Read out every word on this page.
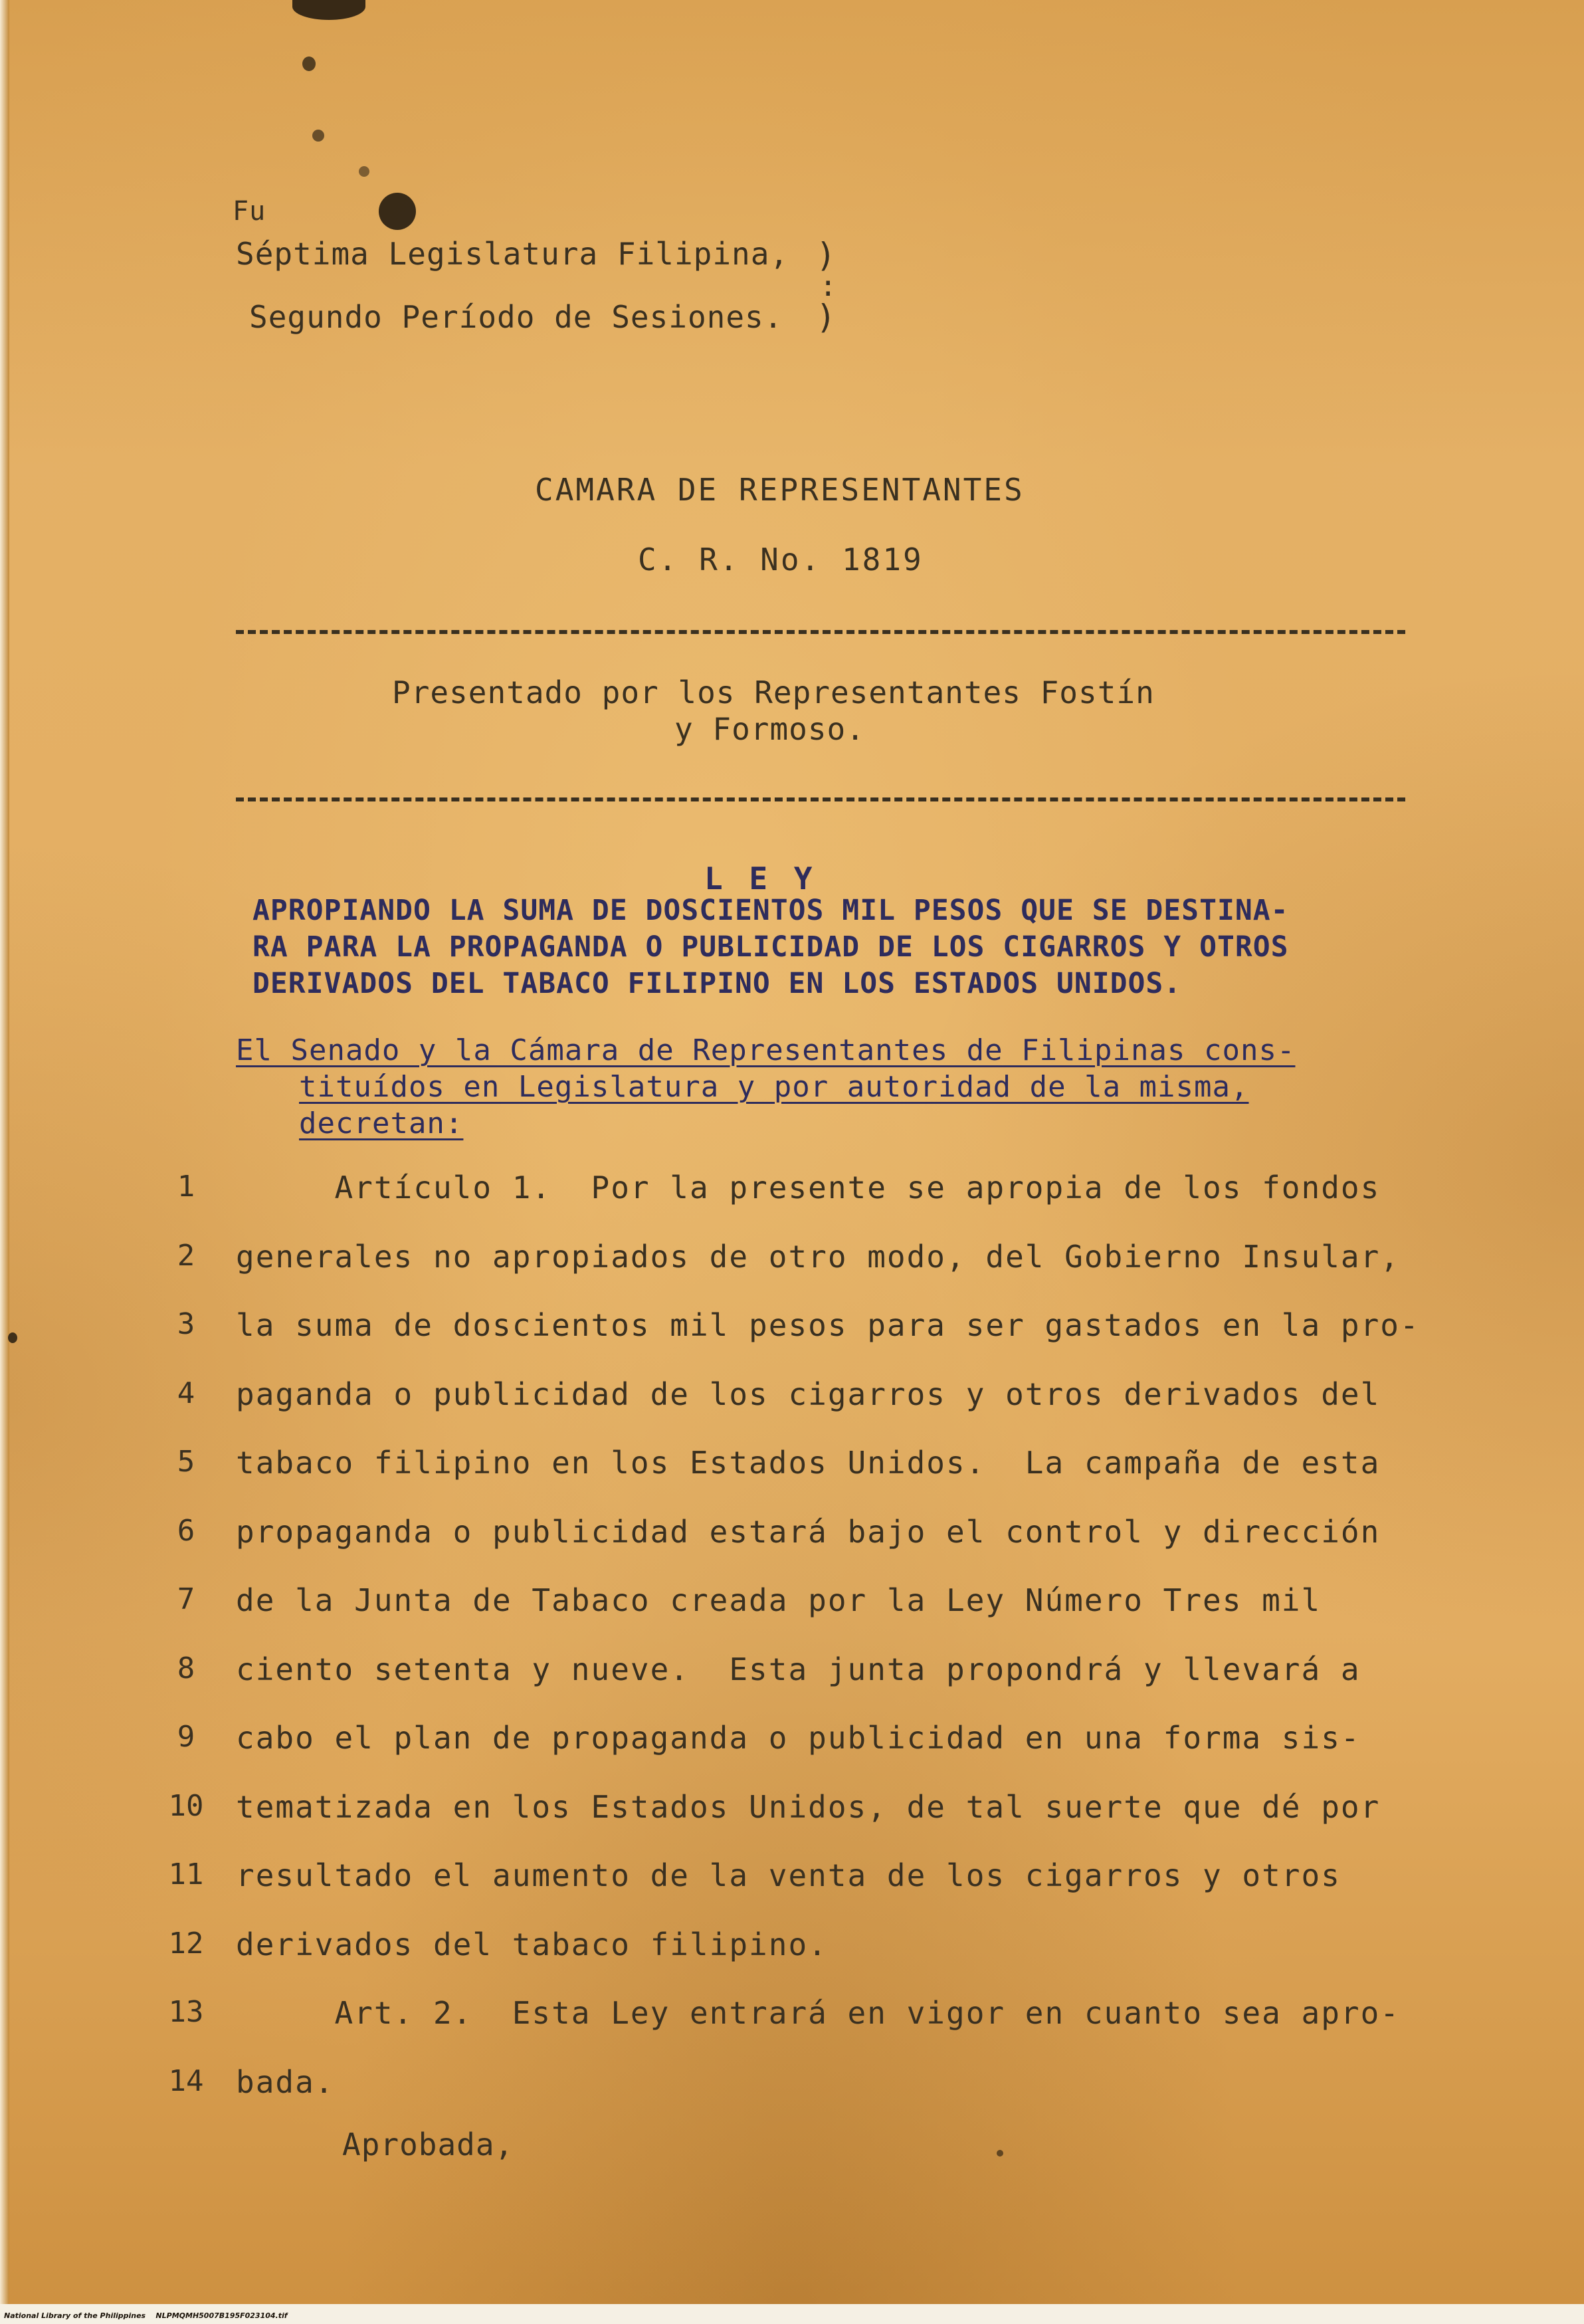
Fu
Séptima Legislatura Filipina, )
:
Segundo Período de Sesiones. )
CAMARA DE REPRESENTANTES
C. R. No. 1819
Presentado por los Representantes Fostín
y Formoso.
L E Y
APROPIANDO LA SUMA DE DOSCIENTOS MIL PESOS QUE SE DESTINA-
RA PARA LA PROPAGANDA O PUBLICIDAD DE LOS CIGARROS Y OTROS
DERIVADOS DEL TABACO FILIPINO EN LOS ESTADOS UNIDOS.
El Senado y la Cámara de Representantes de Filipinas cons-
tituídos en Legislatura y por autoridad de la misma,
decretan:
1	Artículo 1.  Por la presente se apropia de los fondos
2	generales no apropiados de otro modo, del Gobierno Insular,
3	la suma de doscientos mil pesos para ser gastados en la pro-
4	paganda o publicidad de los cigarros y otros derivados del
5	tabaco filipino en los Estados Unidos.  La campaña de esta
6	propaganda o publicidad estará bajo el control y dirección
7	de la Junta de Tabaco creada por la Ley Número Tres mil
8	ciento setenta y nueve.  Esta junta propondrá y llevará a
9	cabo el plan de propaganda o publicidad en una forma sis-
10 tematizada en los Estados Unidos, de tal suerte que dé por
11 resultado el aumento de la venta de los cigarros y otros
12 derivados del tabaco filipino.
13 Art. 2.  Esta Ley entrará en vigor en cuanto sea apro-
14 bada.
Aprobada,
National Library of the Philippines    NLPMQMH5007B195F023104.tif
